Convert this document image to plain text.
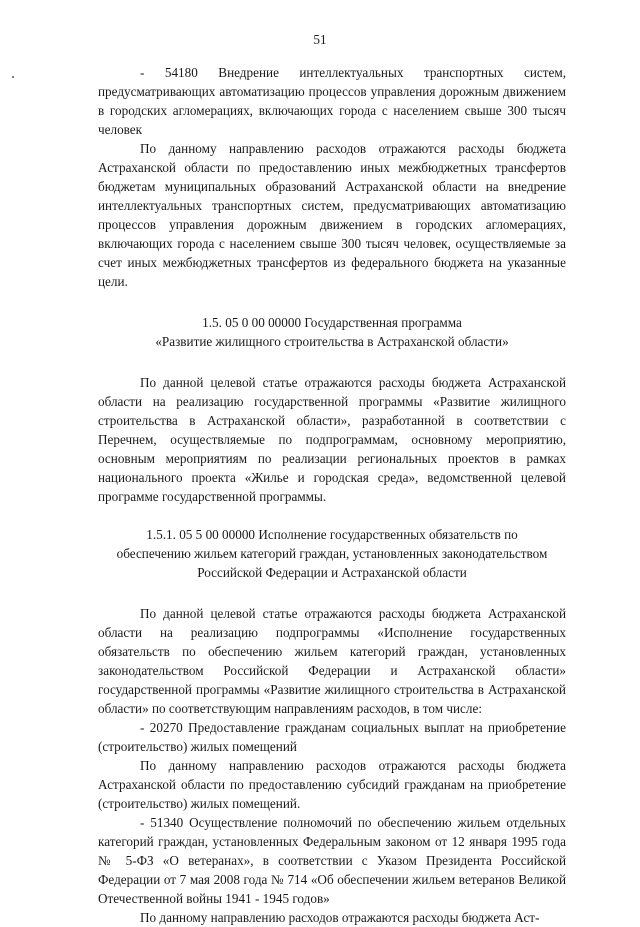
51

- 54180 Внедрение интеллектуальных транспортных систем, предусматривающих автоматизацию процессов управления дорожным движением в городских агломерациях, включающих города с населением свыше 300 тысяч человек

По данному направлению расходов отражаются расходы бюджета Астраханской области по предоставлению иных межбюджетных трансфертов бюджетам муниципальных образований Астраханской области на внедрение интеллектуальных транспортных систем, предусматривающих автоматизацию процессов управления дорожным движением в городских агломерациях, включающих города с населением свыше 300 тысяч человек, осуществляемые за счет иных межбюджетных трансфертов из федерального бюджета на указанные цели.

1.5. 05 0 00 00000 Государственная программа
«Развитие жилищного строительства в Астраханской области»

По данной целевой статье отражаются расходы бюджета Астраханской области на реализацию государственной программы «Развитие жилищного строительства в Астраханской области», разработанной в соответствии с Перечнем, осуществляемые по подпрограммам, основному мероприятию, основным мероприятиям по реализации региональных проектов в рамках национального проекта «Жилье и городская среда», ведомственной целевой программе государственной программы.

1.5.1. 05 5 00 00000 Исполнение государственных обязательств по
обеспечению жильем категорий граждан, установленных законодательством
Российской Федерации и Астраханской области

По данной целевой статье отражаются расходы бюджета Астраханской области на реализацию подпрограммы «Исполнение государственных обязательств по обеспечению жильем категорий граждан, установленных законодательством Российской Федерации и Астраханской области» государственной программы «Развитие жилищного строительства в Астраханской области» по соответствующим направлениям расходов, в том числе:

- 20270 Предоставление гражданам социальных выплат на приобретение (строительство) жилых помещений

По данному направлению расходов отражаются расходы бюджета Астраханской области по предоставлению субсидий гражданам на приобретение (строительство) жилых помещений.

- 51340 Осуществление полномочий по обеспечению жильем отдельных категорий граждан, установленных Федеральным законом от 12 января 1995 года № 5-ФЗ «О ветеранах», в соответствии с Указом Президента Российской Федерации от 7 мая 2008 года № 714 «Об обеспечении жильем ветеранов Великой Отечественной войны 1941 - 1945 годов»

По данному направлению расходов отражаются расходы бюджета Аст-
